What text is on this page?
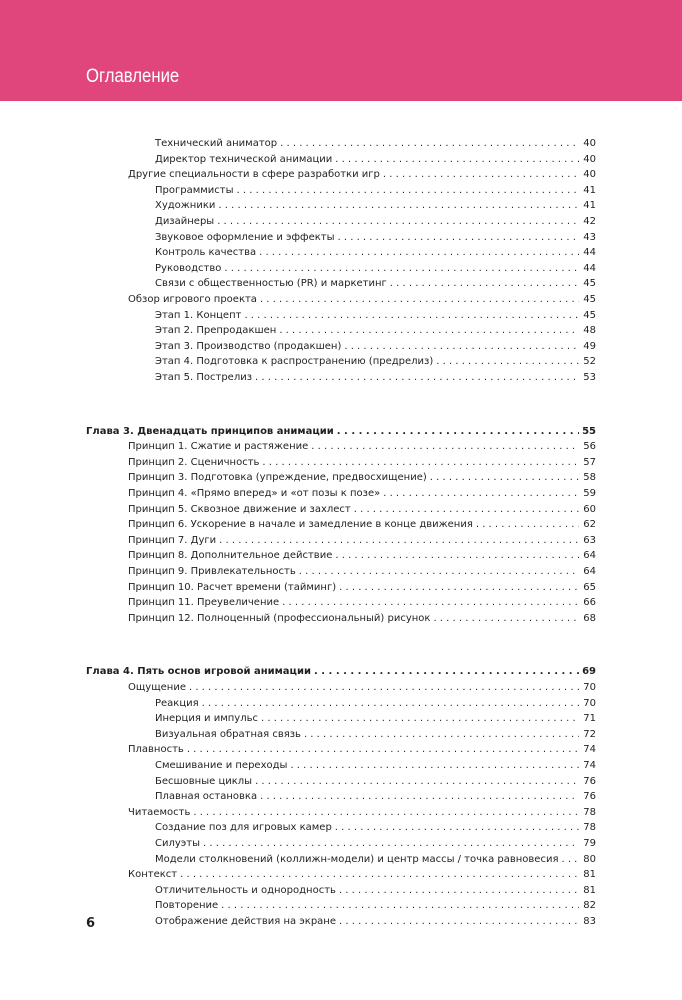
Оглавление
Технический аниматор . . .	40
Директор технической анимации . . .	40
Другие специальности в сфере разработки игр . . .	40
Программисты . . .	41
Художники . . .	41
Дизайнеры . . .	42
Звуковое оформление и эффекты . . .	43
Контроль качества . . .	44
Руководство . . .	44
Связи с общественностью (PR) и маркетинг . . .	45
Обзор игрового проекта . . .	45
Этап 1. Концепт . . .	45
Этап 2. Препродакшен . . .	48
Этап 3. Производство (продакшен) . . .	49
Этап 4. Подготовка к распространению (предрелиз) . . .	52
Этап 5. Пострелиз . . .	53
Глава 3. Двенадцать принципов анимации . . .	55
Принцип 1. Сжатие и растяжение . . .	56
Принцип 2. Сценичность . . .	57
Принцип 3. Подготовка (упреждение, предвосхищение) . . .	58
Принцип 4. «Прямо вперед» и «от позы к позе» . . .	59
Принцип 5. Сквозное движение и захлест . . .	60
Принцип 6. Ускорение в начале и замедление в конце движения . . .	62
Принцип 7. Дуги . . .	63
Принцип 8. Дополнительное действие . . .	64
Принцип 9. Привлекательность . . .	64
Принцип 10. Расчет времени (тайминг) . . .	65
Принцип 11. Преувеличение . . .	66
Принцип 12. Полноценный (профессиональный) рисунок . . .	68
Глава 4. Пять основ игровой анимации . . .	69
Ощущение . . .	70
Реакция . . .	70
Инерция и импульс . . .	71
Визуальная обратная связь . . .	72
Плавность . . .	74
Смешивание и переходы . . .	74
Бесшовные циклы . . .	76
Плавная остановка . . .	76
Читаемость . . .	78
Создание поз для игровых камер . . .	78
Силуэты . . .	79
Модели столкновений (коллижн-модели) и центр массы / точка равновесия . . .	80
Контекст . . .	81
Отличительность и однородность . . .	81
Повторение . . .	82
Отображение действия на экране . . .	83
6
